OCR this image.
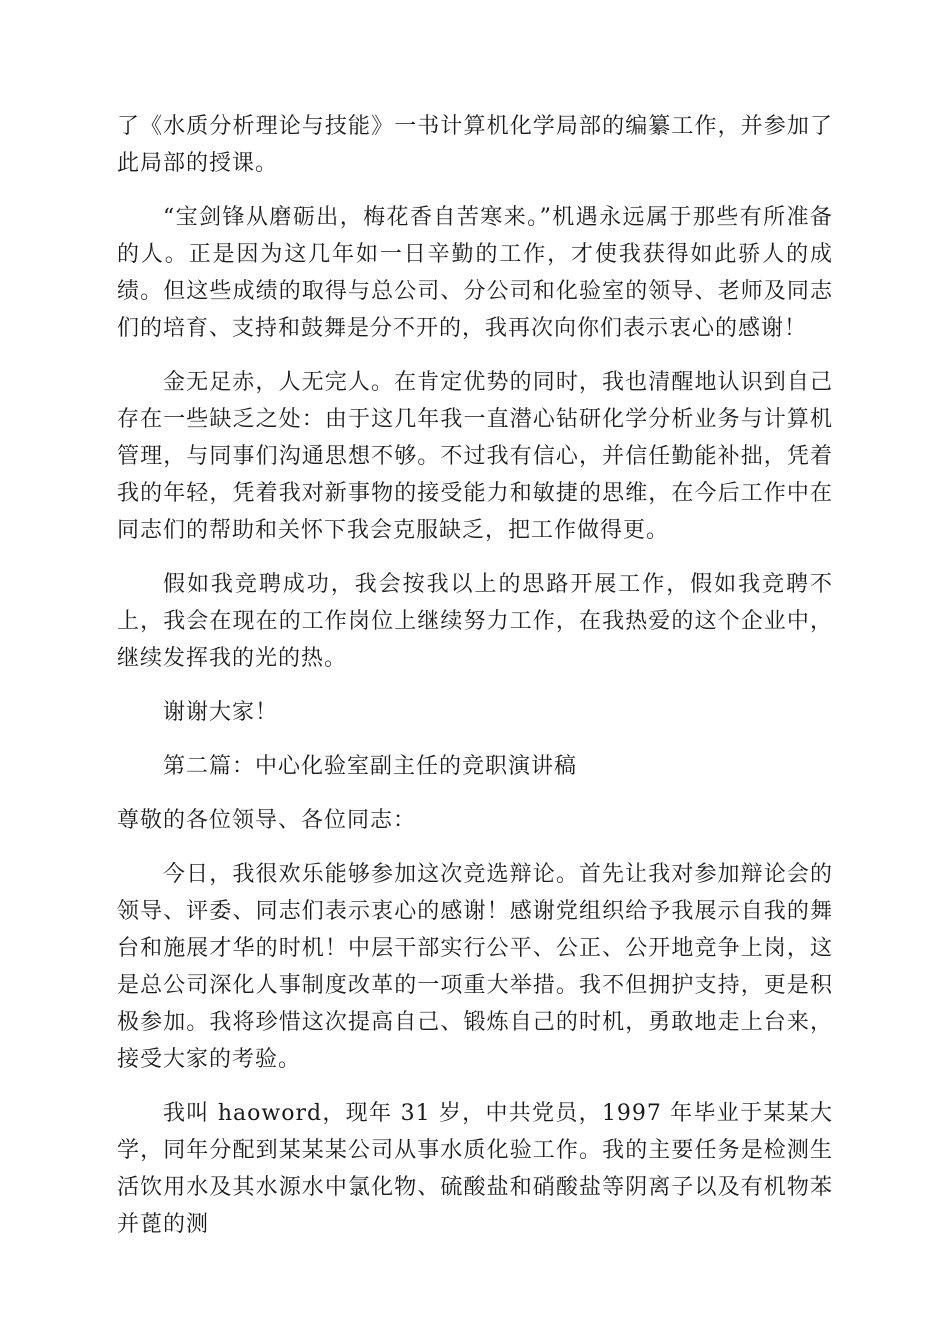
了《水质分析理论与技能》一书计算机化学局部的编纂工作，并参加了此局部的授课。

“宝剑锋从磨砺出，梅花香自苦寒来。”机遇永远属于那些有所准备的人。正是因为这几年如一日辛勤的工作，才使我获得如此骄人的成绩。但这些成绩的取得与总公司、分公司和化验室的领导、老师及同志们的培育、支持和鼓舞是分不开的，我再次向你们表示衷心的感谢！

金无足赤，人无完人。在肯定优势的同时，我也清醒地认识到自己存在一些缺乏之处：由于这几年我一直潜心钻研化学分析业务与计算机管理，与同事们沟通思想不够。不过我有信心，并信任勤能补拙，凭着我的年轻，凭着我对新事物的接受能力和敏捷的思维，在今后工作中在同志们的帮助和关怀下我会克服缺乏，把工作做得更。

假如我竞聘成功，我会按我以上的思路开展工作，假如我竞聘不上，我会在现在的工作岗位上继续努力工作，在我热爱的这个企业中，继续发挥我的光的热。

谢谢大家！

第二篇：中心化验室副主任的竞职演讲稿

尊敬的各位领导、各位同志：

今日，我很欢乐能够参加这次竞选辩论。首先让我对参加辩论会的领导、评委、同志们表示衷心的感谢！感谢党组织给予我展示自我的舞台和施展才华的时机！中层干部实行公平、公正、公开地竞争上岗，这是总公司深化人事制度改革的一项重大举措。我不但拥护支持，更是积极参加。我将珍惜这次提高自己、锻炼自己的时机，勇敢地走上台来，接受大家的考验。

我叫 haoword，现年 31 岁，中共党员，1997 年毕业于某某大学，同年分配到某某某公司从事水质化验工作。我的主要任务是检测生活饮用水及其水源水中氯化物、硫酸盐和硝酸盐等阴离子以及有机物苯并蓖的测
